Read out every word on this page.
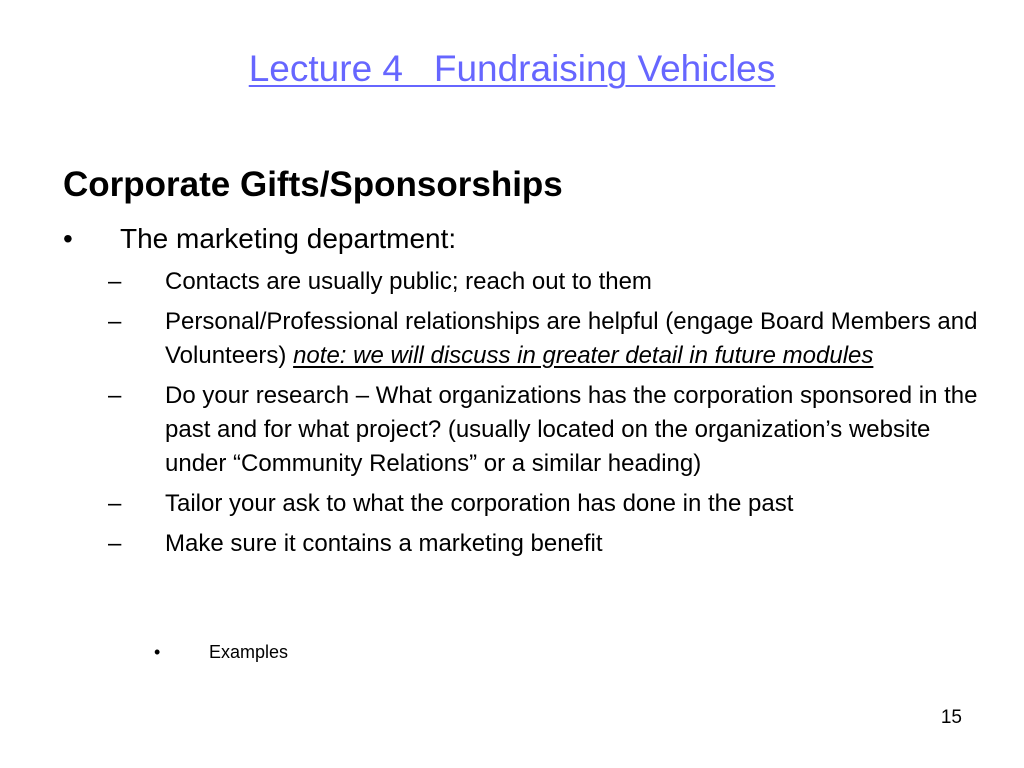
Lecture 4   Fundraising Vehicles
Corporate Gifts/Sponsorships
• The marketing department:
– Contacts are usually public; reach out to them
– Personal/Professional relationships are helpful (engage Board Members and Volunteers) note: we will discuss in greater detail in future modules
– Do your research – What organizations has the corporation sponsored in the past and for what project? (usually located on the organization’s website under “Community Relations” or a similar heading)
– Tailor your ask to what the corporation has done in the past
– Make sure it contains a marketing benefit
•	Examples
15
